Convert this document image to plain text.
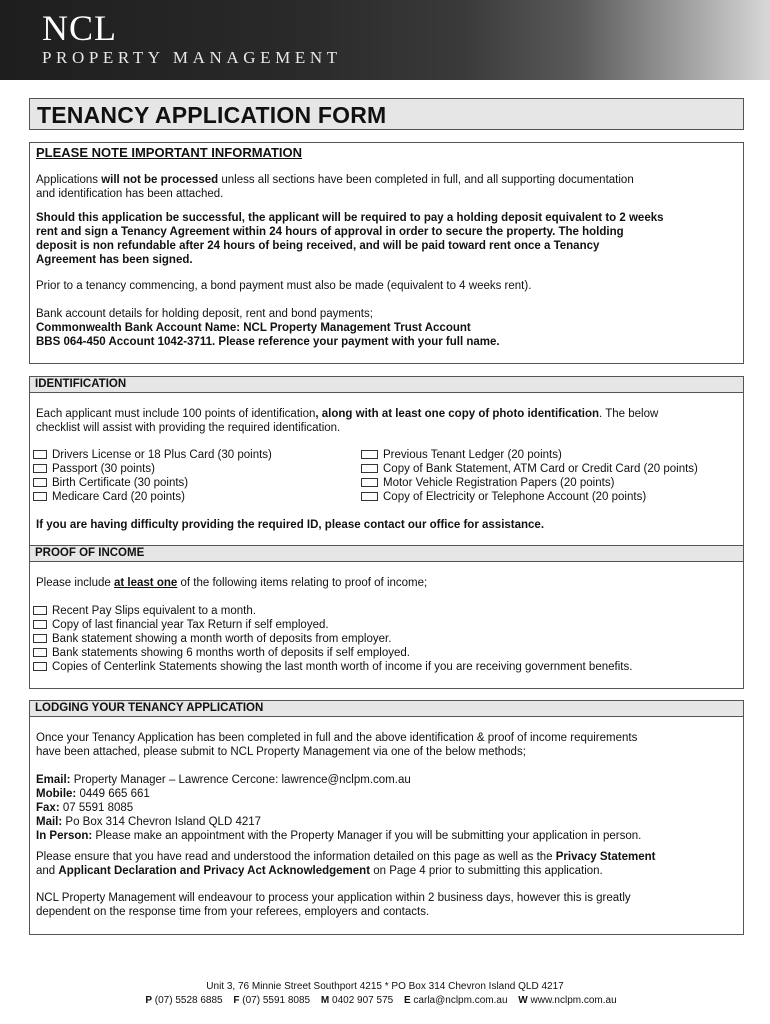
NCL
PROPERTY MANAGEMENT
TENANCY APPLICATION FORM
PLEASE NOTE IMPORTANT INFORMATION
Applications will not be processed unless all sections have been completed in full, and all supporting documentation
and identification has been attached.
Should this application be successful, the applicant will be required to pay a holding deposit equivalent to 2 weeks
rent and sign a Tenancy Agreement within 24 hours of approval in order to secure the property. The holding
deposit is non refundable after 24 hours of being received, and will be paid toward rent once a Tenancy
Agreement has been signed.
Prior to a tenancy commencing, a bond payment must also be made (equivalent to 4 weeks rent).
Bank account details for holding deposit, rent and bond payments;
Commonwealth Bank Account Name: NCL Property Management Trust Account
BBS 064-450 Account 1042-3711. Please reference your payment with your full name.
IDENTIFICATION
Each applicant must include 100 points of identification, along with at least one copy of photo identification. The below
checklist will assist with providing the required identification.
Drivers License or 18 Plus Card (30 points)
Passport (30 points)
Birth Certificate (30 points)
Medicare Card (20 points)
Previous Tenant Ledger (20 points)
Copy of Bank Statement, ATM Card or Credit Card (20 points)
Motor Vehicle Registration Papers (20 points)
Copy of Electricity or Telephone Account (20 points)
If you are having difficulty providing the required ID, please contact our office for assistance.
PROOF OF INCOME
Please include at least one of the following items relating to proof of income;
Recent Pay Slips equivalent to a month.
Copy of last financial year Tax Return if self employed.
Bank statement showing a month worth of deposits from employer.
Bank statements showing 6 months worth of deposits if self employed.
Copies of Centerlink Statements showing the last month worth of income if you are receiving government benefits.
LODGING YOUR TENANCY APPLICATION
Once your Tenancy Application has been completed in full and the above identification & proof of income requirements
have been attached, please submit to NCL Property Management via one of the below methods;
Email: Property Manager – Lawrence Cercone: lawrence@nclpm.com.au
Mobile: 0449 665 661
Fax: 07 5591 8085
Mail: Po Box 314 Chevron Island QLD 4217
In Person: Please make an appointment with the Property Manager if you will be submitting your application in person.
Please ensure that you have read and understood the information detailed on this page as well as the Privacy Statement
and Applicant Declaration and Privacy Act Acknowledgement on Page 4 prior to submitting this application.
NCL Property Management will endeavour to process your application within 2 business days, however this is greatly
dependent on the response time from your referees, employers and contacts.
Unit 3, 76 Minnie Street Southport 4215 * PO Box 314 Chevron Island QLD 4217
P (07) 5528 6885 F (07) 5591 8085 M 0402 907 575 E carla@nclpm.com.au W www.nclpm.com.au
